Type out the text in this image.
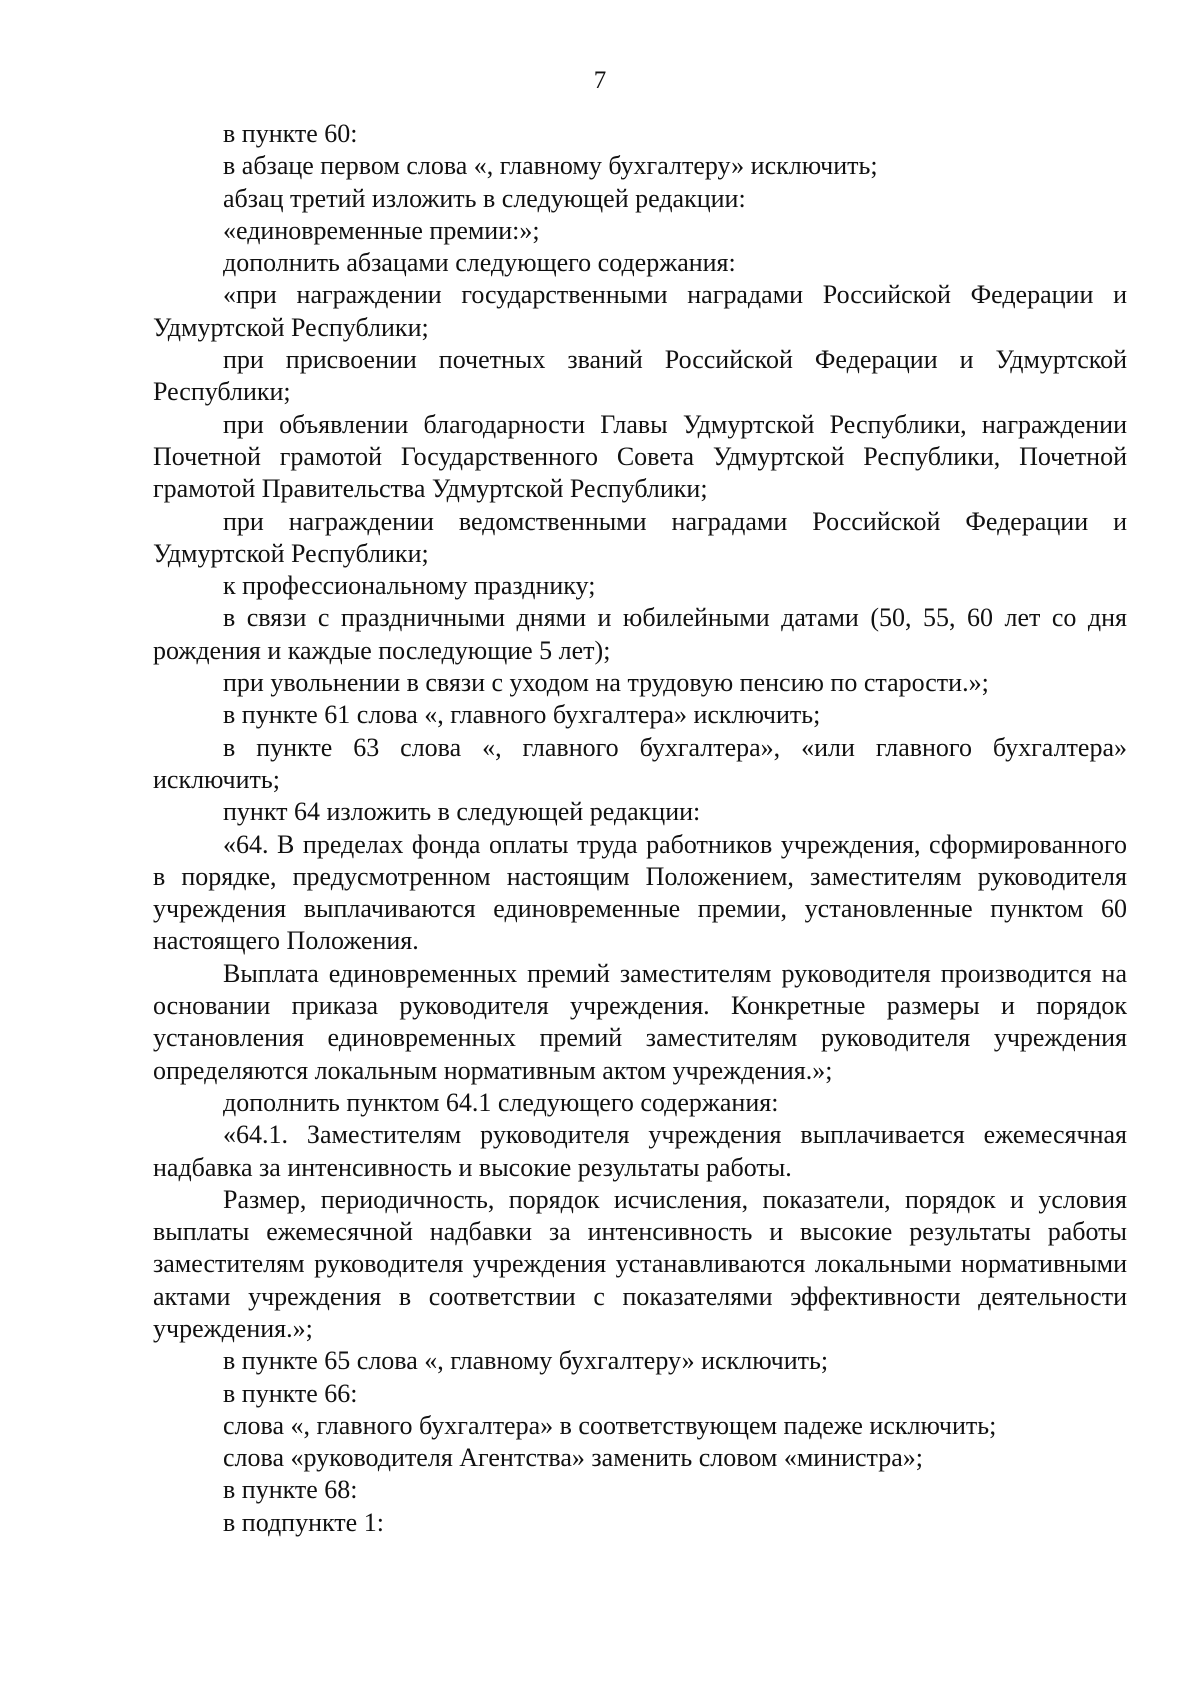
7

в пункте 60:

в абзаце первом слова «, главному бухгалтеру» исключить;

абзац третий изложить в следующей редакции:

«единовременные премии:»;

дополнить абзацами следующего содержания:

«при награждении государственными наградами Российской Федерации и Удмуртской Республики;

при присвоении почетных званий Российской Федерации и Удмуртской Республики;

при объявлении благодарности Главы Удмуртской Республики, награждении Почетной грамотой Государственного Совета Удмуртской Республики, Почетной грамотой Правительства Удмуртской Республики;

при награждении ведомственными наградами Российской Федерации и Удмуртской Республики;

к профессиональному празднику;

в связи с праздничными днями и юбилейными датами (50, 55, 60 лет со дня рождения и каждые последующие 5 лет);

при увольнении в связи с уходом на трудовую пенсию по старости.»;

в пункте 61 слова «, главного бухгалтера» исключить;

в пункте 63 слова «, главного бухгалтера», «или главного бухгалтера» исключить;

пункт 64 изложить в следующей редакции:

«64. В пределах фонда оплаты труда работников учреждения, сформированного в порядке, предусмотренном настоящим Положением, заместителям руководителя учреждения выплачиваются единовременные премии, установленные пунктом 60 настоящего Положения.

Выплата единовременных премий заместителям руководителя производится на основании приказа руководителя учреждения. Конкретные размеры и порядок установления единовременных премий заместителям руководителя учреждения определяются локальным нормативным актом учреждения.»;

дополнить пунктом 64.1 следующего содержания:

«64.1. Заместителям руководителя учреждения выплачивается ежемесячная надбавка за интенсивность и высокие результаты работы.

Размер, периодичность, порядок исчисления, показатели, порядок и условия выплаты ежемесячной надбавки за интенсивность и высокие результаты работы заместителям руководителя учреждения устанавливаются локальными нормативными актами учреждения в соответствии с показателями эффективности деятельности учреждения.»;

в пункте 65 слова «, главному бухгалтеру» исключить;

в пункте 66:

слова «, главного бухгалтера» в соответствующем падеже исключить;

слова «руководителя Агентства» заменить словом «министра»;

в пункте 68:

в подпункте 1:
